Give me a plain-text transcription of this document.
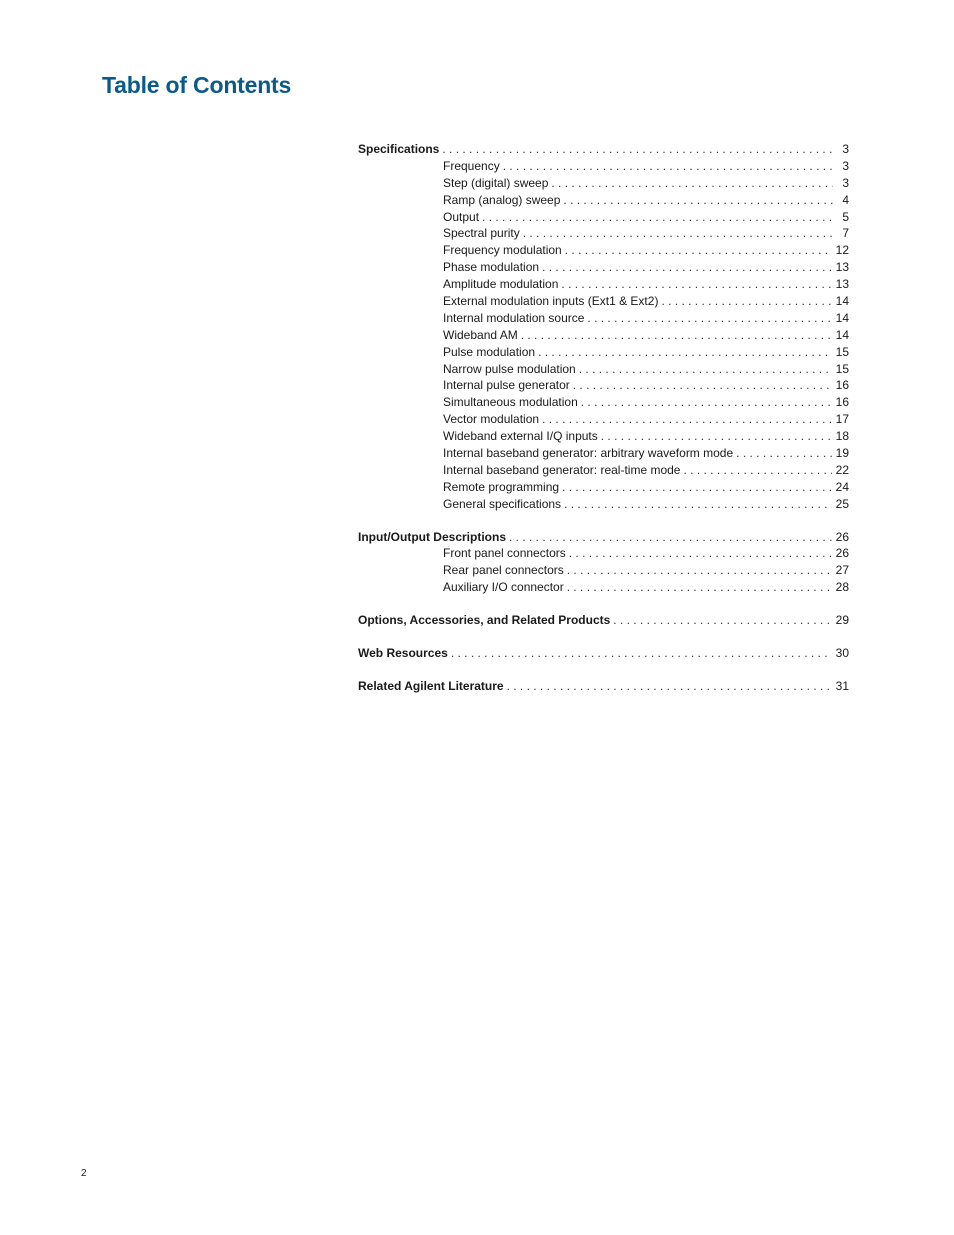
Table of Contents
Specifications . . .	3
Frequency . . .	3
Step (digital) sweep . . .	3
Ramp (analog) sweep . . .	4
Output . . .	5
Spectral purity . . .	7
Frequency modulation . . .	12
Phase modulation . . .	13
Amplitude modulation . . .	13
External modulation inputs (Ext1 & Ext2) . . .	14
Internal modulation source . . .	14
Wideband AM . . .	14
Pulse modulation . . .	15
Narrow pulse modulation . . .	15
Internal pulse generator . . .	16
Simultaneous modulation . . .	16
Vector modulation . . .	17
Wideband external I/Q inputs . . .	18
Internal baseband generator: arbitrary waveform mode . . .	19
Internal baseband generator: real-time mode . . .	22
Remote programming . . .	24
General specifications . . .	25
Input/Output Descriptions . . .	26
Front panel connectors . . .	26
Rear panel connectors . . .	27
Auxiliary I/O connector . . .	28
Options, Accessories, and Related Products . . .	29
Web Resources . . .	30
Related Agilent Literature . . .	31
2
